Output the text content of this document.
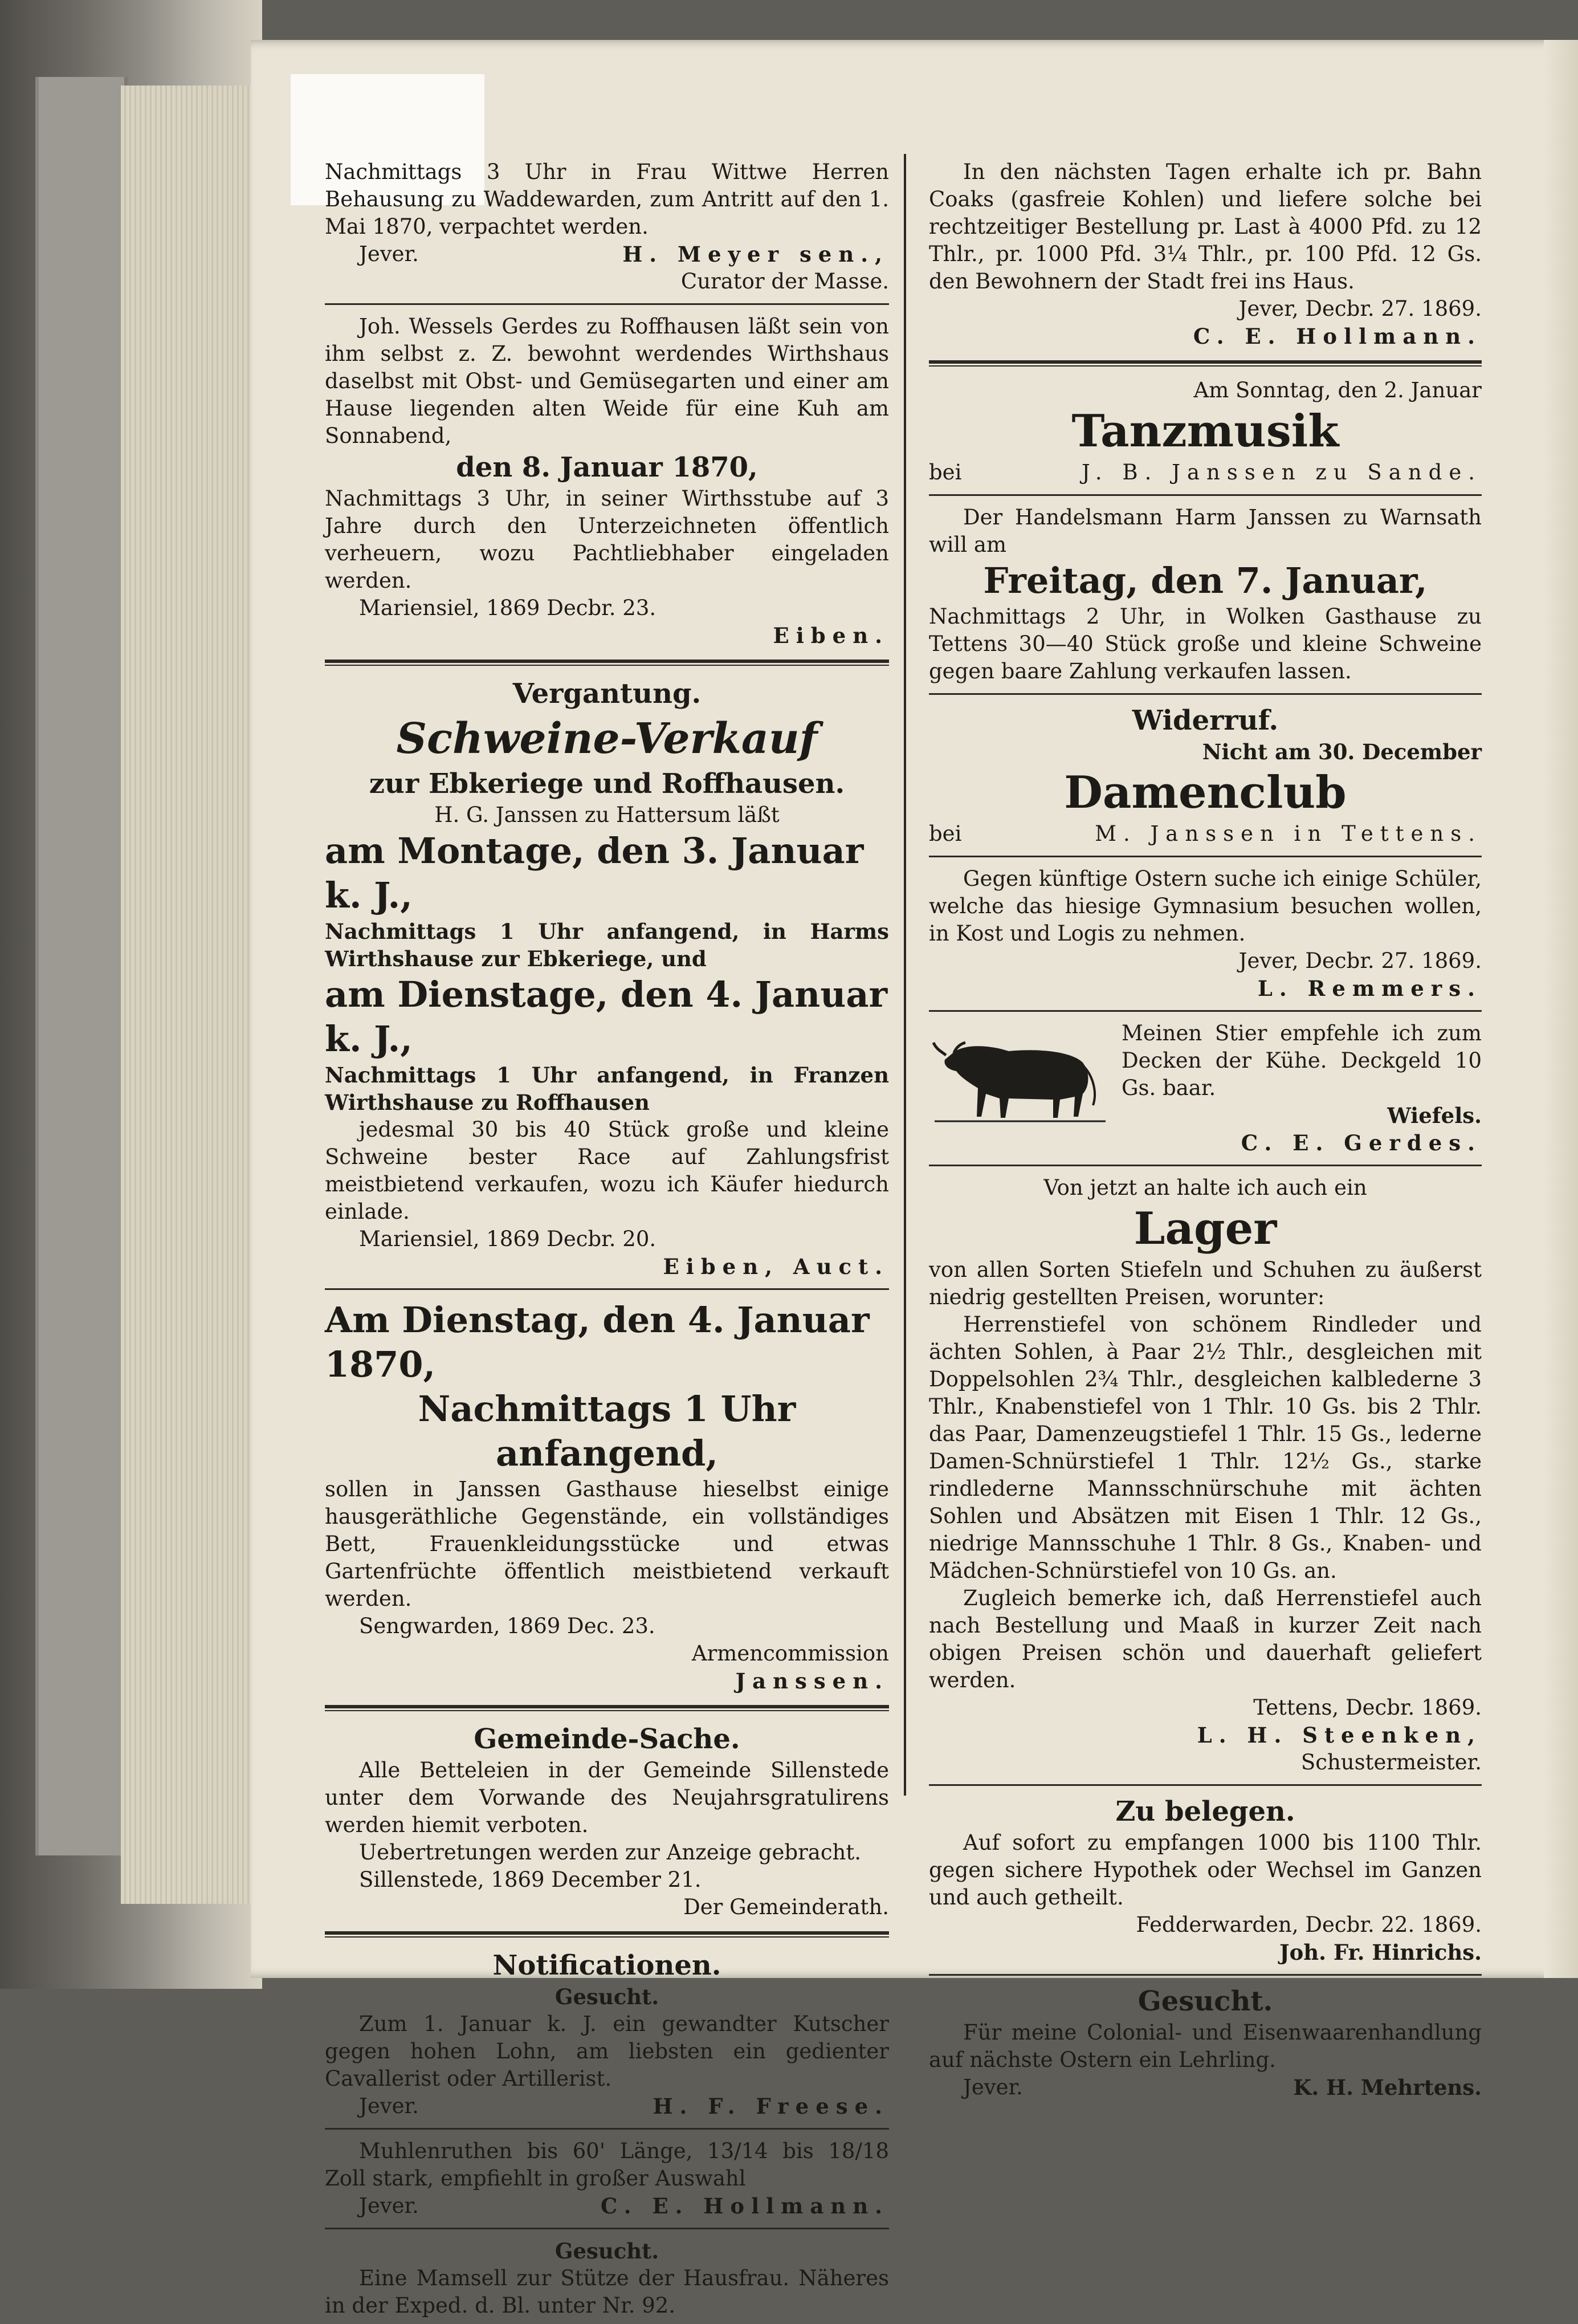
Nachmittags 3 Uhr in Frau Wittwe Herren Behausung zu Waddewarden, zum Antritt auf den 1. Mai 1870, verpachtet werden.
Jever.	H. Meyer sen.,
Curator der Masse.
Joh. Wessels Gerdes zu Roffhausen läßt sein von ihm selbst z. Z. bewohnt werdendes Wirthshaus daselbst mit Obst- und Gemüsegarten und einer am Hause liegenden alten Weide für eine Kuh am Sonnabend,
den 8. Januar 1870,
Nachmittags 3 Uhr, in seiner Wirthsstube auf 3 Jahre durch den Unterzeichneten öffentlich verheuern, wozu Pachtliebhaber eingeladen werden.
Mariensiel, 1869 Decbr. 23.
Eiben.
Vergantung.
Schweine-Verkauf
zur Ebkeriege und Roffhausen.
H. G. Janssen zu Hattersum läßt
am Montage, den 3. Januar k. J.,
Nachmittags 1 Uhr anfangend, in Harms Wirthshause zur Ebkeriege, und
am Dienstage, den 4. Januar k. J.,
Nachmittags 1 Uhr anfangend, in Franzen Wirthshause zu Roffhausen
jedesmal 30 bis 40 Stück große und kleine Schweine bester Race auf Zahlungsfrist meistbietend verkaufen, wozu ich Käufer hiedurch einlade.
Mariensiel, 1869 Decbr. 20.
Eiben, Auct.
Am Dienstag, den 4. Januar 1870,
Nachmittags 1 Uhr anfangend,
sollen in Janssen Gasthause hieselbst einige hausgeräthliche Gegenstände, ein vollständiges Bett, Frauenkleidungsstücke und etwas Gartenfrüchte öffentlich meistbietend verkauft werden.
Sengwarden, 1869 Dec. 23.
Armencommission
Janssen.
Gemeinde-Sache.
Alle Betteleien in der Gemeinde Sillenstede unter dem Vorwande des Neujahrsgratulirens werden hiemit verboten.
Uebertretungen werden zur Anzeige gebracht.
Sillenstede, 1869 December 21.
Der Gemeinderath.
Notificationen.
Gesucht.
Zum 1. Januar k. J. ein gewandter Kutscher gegen hohen Lohn, am liebsten ein gedienter Cavallerist oder Artillerist.
Jever.	H. F. Freese.
Muhlenruthen bis 60' Länge, 13/14 bis 18/18 Zoll stark, empfiehlt in großer Auswahl
Jever.	C. E. Hollmann.
Gesucht.
Eine Mamsell zur Stütze der Hausfrau. Näheres in der Exped. d. Bl. unter Nr. 92.
In den nächsten Tagen erhalte ich pr. Bahn Coaks (gasfreie Kohlen) und liefere solche bei rechtzeitiger Bestellung pr. Last à 4000 Pfd. zu 12 Thlr., pr. 1000 Pfd. 3¼ Thlr., pr. 100 Pfd. 12 Gs. den Bewohnern der Stadt frei ins Haus.
Jever, Decbr. 27. 1869.
C. E. Hollmann.
Am Sonntag, den 2. Januar
Tanzmusik
bei	J. B. Janssen zu Sande.
Der Handelsmann Harm Janssen zu Warnsath will am
Freitag, den 7. Januar,
Nachmittags 2 Uhr, in Wolken Gasthause zu Tettens 30—40 Stück große und kleine Schweine gegen baare Zahlung verkaufen lassen.
Widerruf.
Nicht am 30. December
Damenclub
bei	M. Janssen in Tettens.
Gegen künftige Ostern suche ich einige Schüler, welche das hiesige Gymnasium besuchen wollen, in Kost und Logis zu nehmen.
Jever, Decbr. 27. 1869.
L. Remmers.
Meinen Stier empfehle ich zum Decken der Kühe. Deckgeld 10 Gs. baar.
Wiefels.
C. E. Gerdes.
Von jetzt an halte ich auch ein
Lager
von allen Sorten Stiefeln und Schuhen zu äußerst niedrig gestellten Preisen, worunter:
Herrenstiefel von schönem Rindleder und ächten Sohlen, à Paar 2½ Thlr., desgleichen mit Doppelsohlen 2¾ Thlr., desgleichen kalblederne 3 Thlr., Knabenstiefel von 1 Thlr. 10 Gs. bis 2 Thlr. das Paar, Damenzeugstiefel 1 Thlr. 15 Gs., lederne Damen-Schnürstiefel 1 Thlr. 12½ Gs., starke rindlederne Mannsschnürschuhe mit ächten Sohlen und Absätzen mit Eisen 1 Thlr. 12 Gs., niedrige Mannsschuhe 1 Thlr. 8 Gs., Knaben- und Mädchen-Schnürstiefel von 10 Gs. an.
Zugleich bemerke ich, daß Herrenstiefel auch nach Bestellung und Maaß in kurzer Zeit nach obigen Preisen schön und dauerhaft geliefert werden.
Tettens, Decbr. 1869.
L. H. Steenken,
Schustermeister.
Zu belegen.
Auf sofort zu empfangen 1000 bis 1100 Thlr. gegen sichere Hypothek oder Wechsel im Ganzen und auch getheilt.
Fedderwarden, Decbr. 22. 1869.
Joh. Fr. Hinrichs.
Gesucht.
Für meine Colonial- und Eisenwaarenhandlung auf nächste Ostern ein Lehrling.
Jever.	K. H. Mehrtens.
